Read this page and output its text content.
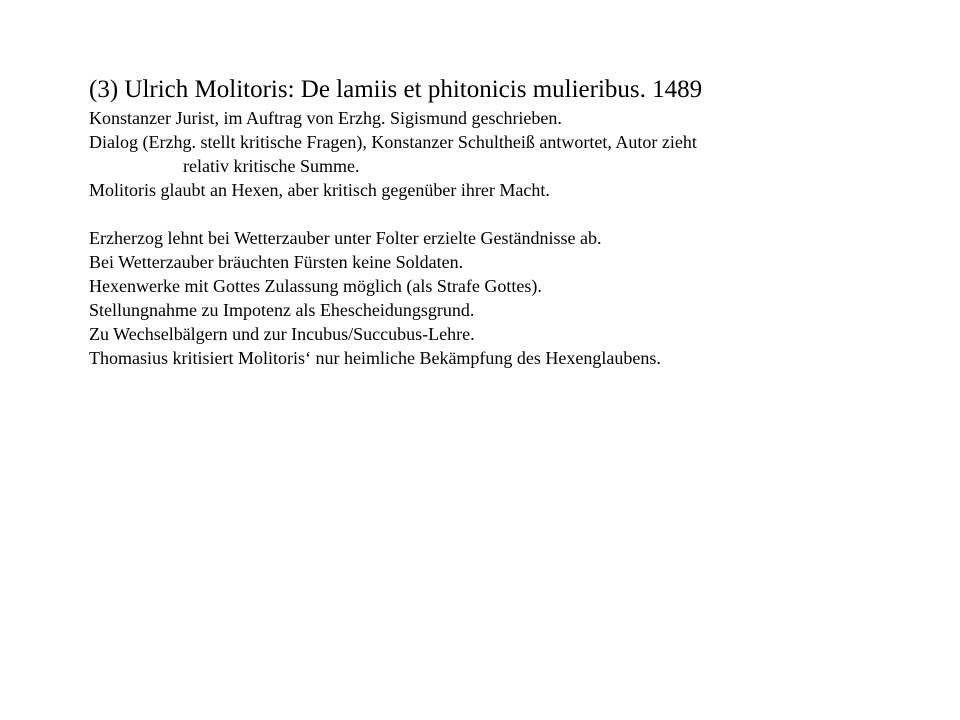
(3) Ulrich Molitoris: De lamiis et phitonicis mulieribus. 1489

Konstanzer Jurist, im Auftrag von Erzhg. Sigismund geschrieben.

Dialog (Erzhg. stellt kritische Fragen), Konstanzer Schultheiß antwortet, Autor zieht

relativ kritische Summe.

Molitoris glaubt an Hexen, aber kritisch gegenüber ihrer Macht.

Erzherzog lehnt bei Wetterzauber unter Folter erzielte Geständnisse ab.

Bei Wetterzauber bräuchten Fürsten keine Soldaten.

Hexenwerke mit Gottes Zulassung möglich (als Strafe Gottes).

Stellungnahme zu Impotenz als Ehescheidungsgrund.

Zu Wechselbälgern und zur Incubus/Succubus-Lehre.

Thomasius kritisiert Molitoris‘ nur heimliche Bekämpfung des Hexenglaubens.
